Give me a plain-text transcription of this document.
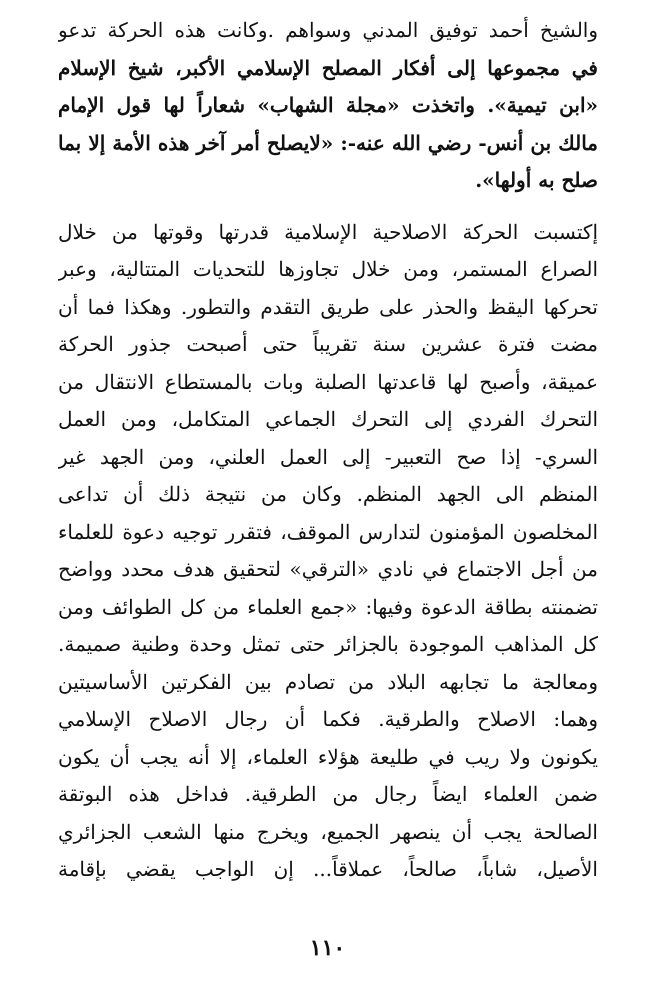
والشيخ أحمد توفيق المدني وسواهم .وكانت هذه الحركة تدعو
في مجموعها إلى أفكار المصلح الإسلامي الأكبر، شيخ الإسلام
«ابن تيمية». واتخذت «مجلة الشهاب» شعاراً لها قول الإمام
مالك بن أنس- رضي الله عنه-: «لايصلح أمر آخر هذه الأمة إلا بما
صلح به أولها».
إكتسبت الحركة الاصلاحية الإسلامية قدرتها وقوتها من خلال
الصراع المستمر، ومن خلال تجاوزها للتحديات المتتالية، وعبر
تحركها اليقظ والحذر على طريق التقدم والتطور. وهكذا فما أن
مضت فترة عشرين سنة تقريباً حتى أصبحت جذور الحركة
عميقة، وأصبح لها قاعدتها الصلبة وبات بالمستطاع الانتقال من
التحرك الفردي إلى التحرك الجماعي المتكامل، ومن العمل
السري- إذا صح التعبير- إلى العمل العلني، ومن الجهد غير
المنظم الى الجهد المنظم. وكان من نتيجة ذلك أن تداعى
المخلصون المؤمنون لتدارس الموقف، فتقرر توجيه دعوة للعلماء
من أجل الاجتماع في نادي «الترقي» لتحقيق هدف محدد وواضح
تضمنته بطاقة الدعوة وفيها: «جمع العلماء من كل الطوائف ومن
كل المذاهب الموجودة بالجزائر حتى تمثل وحدة وطنية صميمة.
ومعالجة ما تجابهه البلاد من تصادم بين الفكرتين الأساسيتين
وهما: الاصلاح والطرقية. فكما أن رجال الاصلاح الإسلامي
يكونون ولا ريب في طليعة هؤلاء العلماء، إلا أنه يجب أن يكون
ضمن العلماء ايضاً رجال من الطرقية. فداخل هذه البوتقة
الصالحة يجب أن ينصهر الجميع، ويخرج منها الشعب الجزائري
الأصيل، شاباً، صالحاً، عملاقاً... إن الواجب يقضي بإقامة
١١٠
